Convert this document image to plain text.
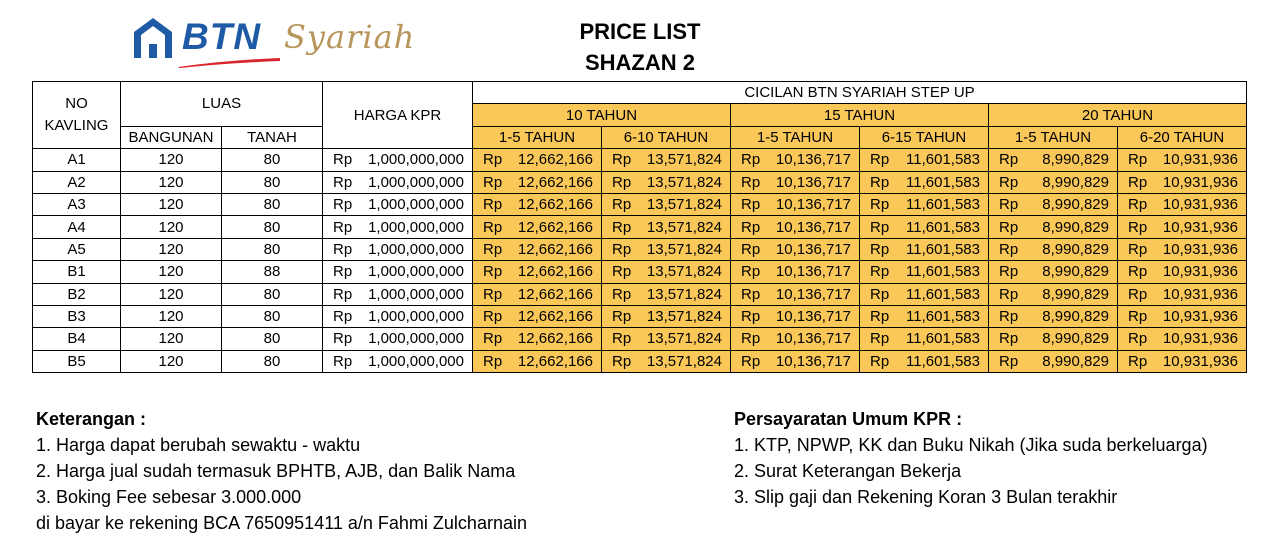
BTN Syariah	PRICE LIST
SHAZAN 2
NO
KAVLING	LUAS		HARGA KPR	CICILAN BTN SYARIAH STEP UP					
				10 TAHUN		15 TAHUN		20 TAHUN	
	BANGUNAN	TANAH		1-5 TAHUN	6-10 TAHUN	1-5 TAHUN	6-15 TAHUN	1-5 TAHUN	6-20 TAHUN
A1	120	80	Rp 1,000,000,000	Rp 12,662,166	Rp 13,571,824	Rp 10,136,717	Rp 11,601,583	Rp 8,990,829	Rp 10,931,936

A2	120	80	Rp 1,000,000,000	Rp 12,662,166	Rp 13,571,824	Rp 10,136,717	Rp 11,601,583	Rp 8,990,829	Rp 10,931,936

A3	120	80	Rp 1,000,000,000	Rp 12,662,166	Rp 13,571,824	Rp 10,136,717	Rp 11,601,583	Rp 8,990,829	Rp 10,931,936

A4	120	80	Rp 1,000,000,000	Rp 12,662,166	Rp 13,571,824	Rp 10,136,717	Rp 11,601,583	Rp 8,990,829	Rp 10,931,936

A5	120	80	Rp 1,000,000,000	Rp 12,662,166	Rp 13,571,824	Rp 10,136,717	Rp 11,601,583	Rp 8,990,829	Rp 10,931,936

B1	120	88	Rp 1,000,000,000	Rp 12,662,166	Rp 13,571,824	Rp 10,136,717	Rp 11,601,583	Rp 8,990,829	Rp 10,931,936

B2	120	80	Rp 1,000,000,000	Rp 12,662,166	Rp 13,571,824	Rp 10,136,717	Rp 11,601,583	Rp 8,990,829	Rp 10,931,936

B3	120	80	Rp 1,000,000,000	Rp 12,662,166	Rp 13,571,824	Rp 10,136,717	Rp 11,601,583	Rp 8,990,829	Rp 10,931,936

B4	120	80	Rp 1,000,000,000	Rp 12,662,166	Rp 13,571,824	Rp 10,136,717	Rp 11,601,583	Rp 8,990,829	Rp 10,931,936

B5	120	80	Rp 1,000,000,000	Rp 12,662,166	Rp 13,571,824	Rp 10,136,717	Rp 11,601,583	Rp 8,990,829	Rp 10,931,936
Keterangan :
1. Harga dapat berubah sewaktu - waktu
2. Harga jual sudah termasuk BPHTB, AJB, dan Balik Nama
3. Boking Fee sebesar 3.000.000
di bayar ke rekening BCA 7650951411 a/n Fahmi Zulcharnain
Persayaratan Umum KPR :
1. KTP, NPWP, KK dan Buku Nikah (Jika suda berkeluarga)
2. Surat Keterangan Bekerja
3. Slip gaji dan Rekening Koran 3 Bulan terakhir
